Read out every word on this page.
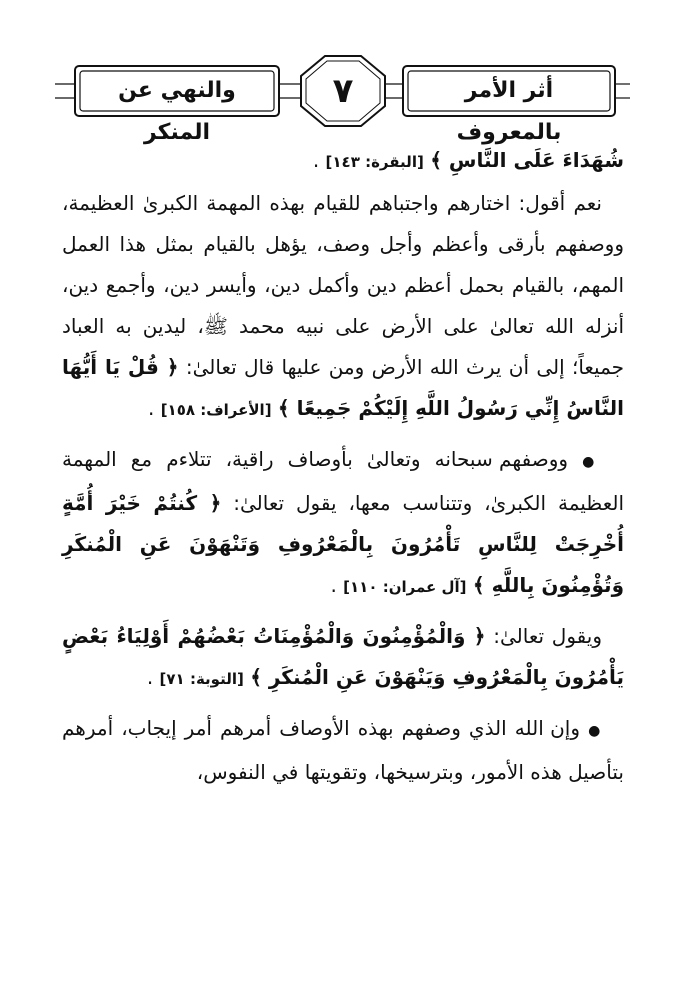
أثر الأمر بالمعروف
٧
والنهي عن المنكر

شُهَدَاءَ عَلَى النَّاسِ ﴾ [البقرة: ١٤٣] .

نعم أقول: اختارهم واجتباهم للقيام بهذه المهمة الكبرىٰ العظيمة، ووصفهم بأرقى وأعظم وأجل وصف، يؤهل بالقيام بمثل هذا العمل المهم، بالقيام بحمل أعظم دين وأكمل دين، وأيسر دين، وأجمع دين، أنزله الله تعالىٰ على الأرض على نبيه محمد ﷺ، ليدين به العباد جميعاً؛ إلى أن يرث الله الأرض ومن عليها قال تعالىٰ: ﴿ قُلْ يَا أَيُّهَا النَّاسُ إِنِّي رَسُولُ اللَّهِ إِلَيْكُمْ جَمِيعًا ﴾ [الأعراف: ١٥٨] .

● ووصفهم سبحانه وتعالىٰ بأوصاف راقية، تتلاءم مع المهمة العظيمة الكبرىٰ، وتتناسب معها، يقول تعالىٰ: ﴿ كُنتُمْ خَيْرَ أُمَّةٍ أُخْرِجَتْ لِلنَّاسِ تَأْمُرُونَ بِالْمَعْرُوفِ وَتَنْهَوْنَ عَنِ الْمُنكَرِ وَتُؤْمِنُونَ بِاللَّهِ ﴾ [آل عمران: ١١٠] .

ويقول تعالىٰ: ﴿ وَالْمُؤْمِنُونَ وَالْمُؤْمِنَاتُ بَعْضُهُمْ أَوْلِيَاءُ بَعْضٍ يَأْمُرُونَ بِالْمَعْرُوفِ وَيَنْهَوْنَ عَنِ الْمُنكَرِ ﴾ [التوبة: ٧١] .

● وإن الله الذي وصفهم بهذه الأوصاف أمرهم أمر إيجاب، أمرهم بتأصيل هذه الأمور، وبترسيخها، وتقويتها في النفوس،
